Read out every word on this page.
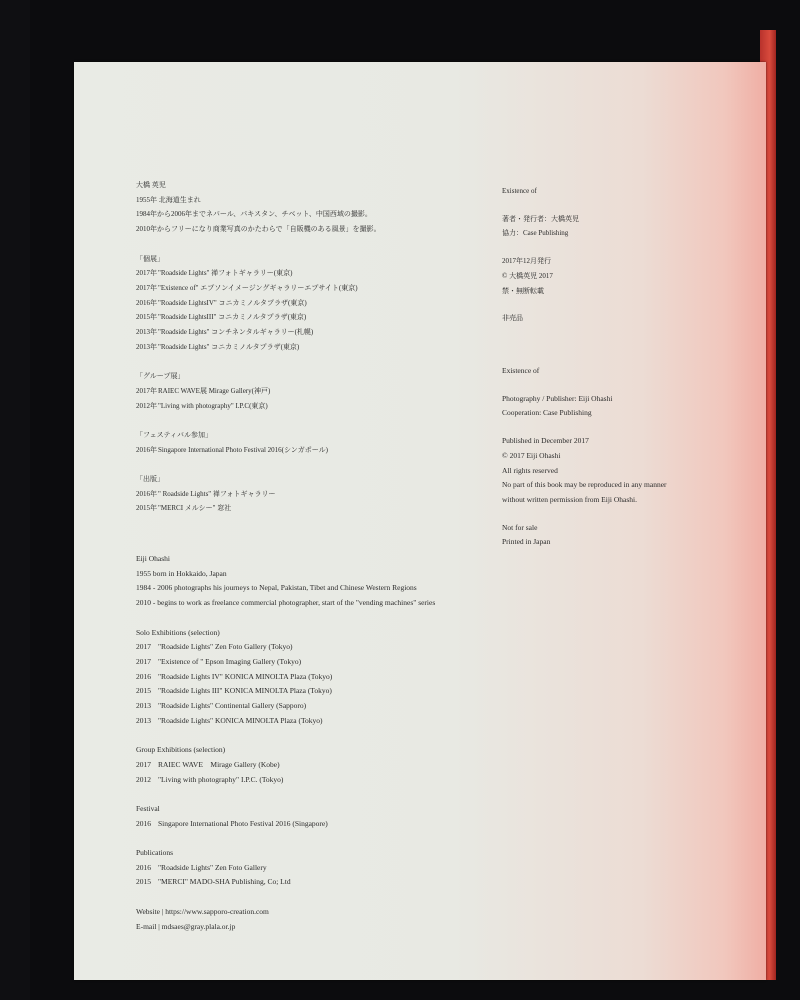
大橋 英児
1955年 北海道生まれ
1984年から2006年までネパール、パキスタン、チベット、中国西域の撮影。
2010年からフリーになり商業写真のかたわらで「自販機のある風景」を撮影。
「個展」
2017年 "Roadside Lights" 禅フォトギャラリー(東京)
2017年 "Existence of" エプソンイメージングギャラリーエプサイト(東京)
2016年 "Roadside LightsIV" コニカミノルタプラザ(東京)
2015年 "Roadside LightsIII" コニカミノルタプラザ(東京)
2013年 "Roadside Lights" コンチネンタルギャラリー(札幌)
2013年 "Roadside Lights" コニカミノルタプラザ(東京)
「グループ展」
2017年 RAIEC WAVE展 Mirage Gallery(神戸)
2012年 "Living with photography" I.P.C(東京)
「フェスティバル参加」
2016年 Singapore International Photo Festival 2016(シンガポール)
「出版」
2016年 " Roadside Lights" 禅フォトギャラリー
2015年 "MERCI メルシー" 窓社
Eiji Ohashi
1955 born in Hokkaido, Japan
1984 - 2006 photographs his journeys to Nepal, Pakistan, Tibet and Chinese Western Regions
2010 - begins to work as freelance commercial photographer, start of the "vending machines" series
Solo Exhibitions (selection)
2017 "Roadside Lights" Zen Foto Gallery (Tokyo)
2017 "Existence of " Epson Imaging Gallery (Tokyo)
2016 "Roadside Lights IV" KONICA MINOLTA Plaza (Tokyo)
2015 "Roadside Lights III" KONICA MINOLTA Plaza (Tokyo)
2013 "Roadside Lights" Continental Gallery (Sapporo)
2013 "Roadside Lights" KONICA MINOLTA Plaza (Tokyo)
Group Exhibitions (selection)
2017 RAIEC WAVE　Mirage Gallery (Kobe)
2012 "Living with photography" I.P.C. (Tokyo)
Festival
2016 Singapore International Photo Festival 2016 (Singapore)
Publications
2016 "Roadside Lights" Zen Foto Gallery
2015 "MERCI" MADO-SHA Publishing, Co; Ltd
Website | https://www.sapporo-creation.com
E-mail | mdsaes@gray.plala.or.jp
Existence of
著者・発行者：大橋英児
協力：Case Publishing
2017年12月発行
© 大橋英児 2017
禁・無断転載
非売品
Existence of
Photography / Publisher: Eiji Ohashi
Cooperation: Case Publishing
Published in December 2017
© 2017 Eiji Ohashi
All rights reserved
No part of this book may be reproduced in any manner
without written permission from Eiji Ohashi.
Not for sale
Printed in Japan
